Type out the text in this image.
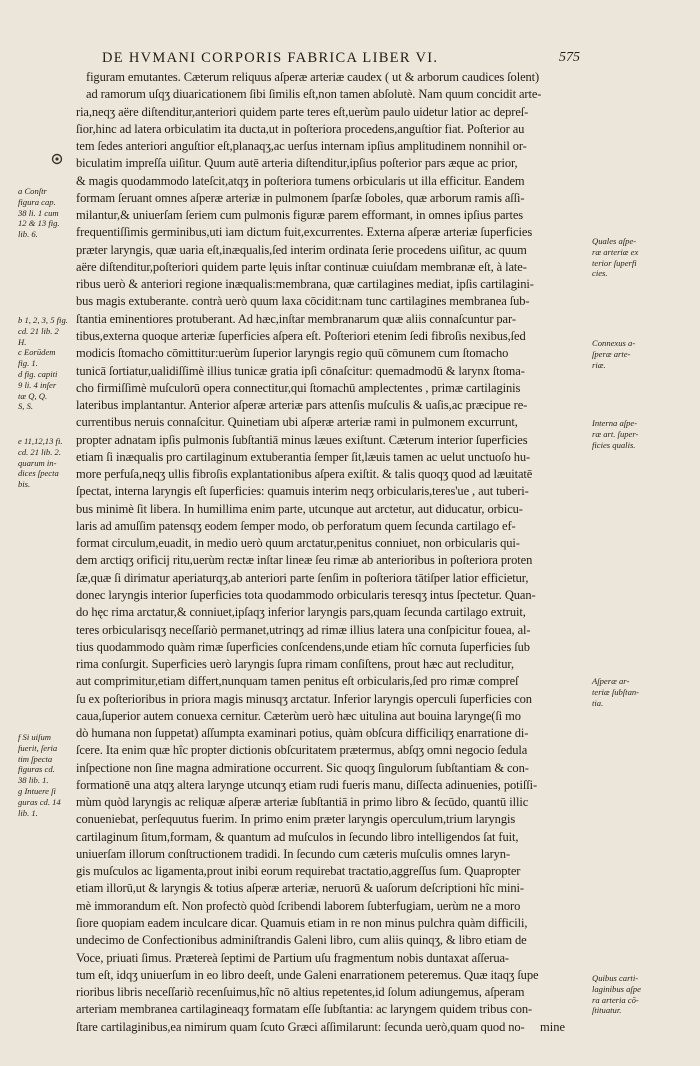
DE HVMANI CORPORIS FABRICA LIBER VI.	575
figuram emutantes. Cæterum reliquus aſperæ arteriæ caudex ( ut & arborum caudices ſolent)
ad ramorum uſqʒ diuaricationem ſibi ſimilis eſt,non tamen abſolutè. Nam quum concidit arte-
ria,neqʒ aëre diſtenditur,anteriori quidem parte teres eſt,uerùm paulo uidetur latior ac depreſ-
ſior,hinc ad latera orbiculatim ita ducta,ut in poſteriora procedens,anguſtior fiat. Poſterior au
tem ſedes anteriori anguſtior eſt,planaqʒ,ac uerſus internam ipſius amplitudinem nonnihil or-
biculatim impreſſa uiſitur. Quum autē arteria diſtenditur,ipſius poſterior pars æque ac prior,
& magis quodammodo lateſcit,atqʒ in poſteriora tumens orbicularis ut illa efficitur. Eandem
formam ſeruant omnes aſperæ arteriæ in pulmonem ſparſæ ſoboles, quæ arborum ramis aſſi-
milantur,& uniuerſam ſeriem cum pulmonis figuræ parem efformant, in omnes ipſius partes
frequentiſſimis germinibus,uti iam dictum fuit,excurrentes. Externa aſperæ arteriæ ſuperficies
præter laryngis, quæ uaria eſt,inæqualis,ſed interim ordinata ſerie procedens uiſitur, ac quum
aëre diſtenditur,poſteriori quidem parte lęuis inſtar continuæ cuiuſdam membranæ eſt, à late-
ribus uerò & anteriori regione inæqualis:membrana, quæ cartilagines mediat, ipſis cartilagini-
bus magis extuberante. contrà uerò quum laxa cōcidit:nam tunc cartilagines membranea ſub-
ſtantia eminentiores protuberant. Ad hæc,inſtar membranarum quæ aliis connaſcuntur par-
tibus,externa quoque arteriæ ſuperficies aſpera eſt. Poſteriori etenim ſedi fibroſis nexibus,ſed
modicis ſtomacho cōmittitur:uerùm ſuperior laryngis regio quū cōmunem cum ſtomacho
tunicā ſortiatur,ualidiſſimè illius tunicæ gratia ipſi cōnaſcitur: quemadmodū & larynx ſtoma-
cho firmiſſimè muſculorū opera connectitur,qui ſtomachū amplectentes , primæ cartilaginis
lateribus implantantur. Anterior aſperæ arteriæ pars attenſis muſculis & uaſis,ac præcipue re-
currentibus neruis connaſcitur. Quinetiam ubi aſperæ arteriæ rami in pulmonem excurrunt,
propter adnatam ipſis pulmonis ſubſtantiā minus læues exiſtunt. Cæterum interior ſuperficies
etiam ſi inæqualis pro cartilaginum extuberantia ſemper ſit,læuis tamen ac uelut unctuoſo hu-
more perfuſa,neqʒ ullis fibroſis explantationibus aſpera exiſtit. & talis quoqʒ quod ad læuitatē
ſpectat, interna laryngis eſt ſuperficies: quamuis interim neqʒ orbicularis,teres'ue , aut tuberi-
bus minimè ſit libera. In humillima enim parte, utcunque aut arctetur, aut diducatur, orbicu-
laris ad amuſſim patensqʒ eodem ſemper modo, ob perforatum quem ſecunda cartilago ef-
format circulum,euadit, in medio uerò quum arctatur,penitus conniuet, non orbicularis qui-
dem arctiqʒ orificij ritu,uerùm rectæ inſtar lineæ ſeu rimæ ab anterioribus in poſteriora proten
ſæ,quæ ſi dirimatur aperiaturqʒ,ab anteriori parte ſenſim in poſteriora tātiſper latior efficietur,
donec laryngis interior ſuperficies tota quodammodo orbicularis teresqʒ intus ſpectetur. Quan-
do hęc rima arctatur,& conniuet,ipſaqʒ inferior laryngis pars,quam ſecunda cartilago extruit,
teres orbicularisqʒ neceſſariò permanet,utrinqʒ ad rimæ illius latera una conſpicitur fouea, al-
tius quodammodo quàm rimæ ſuperficies conſcendens,unde etiam hîc cornuta ſuperficies ſub
rima conſurgit. Superficies uerò laryngis ſupra rimam conſiſtens, prout hæc aut recluditur,
aut comprimitur,etiam differt,nunquam tamen penitus eſt orbicularis,ſed pro rimæ compreſ
ſu ex poſterioribus in priora magis minusqʒ arctatur. Inferior laryngis operculi ſuperficies con
caua,ſuperior autem conuexa cernitur. Cæterùm uerò hæc uitulina aut bouina larynge(ſi mo
dò humana non ſuppetat) aſſumpta examinari potius, quàm obſcura difficiliqʒ enarratione di-
ſcere. Ita enim quæ hîc propter dictionis obſcuritatem prætermus, abſqʒ omni negocio ſedula
inſpectione non ſine magna admiratione occurrent. Sic quoqʒ ſingulorum ſubſtantiam & con-
formationē una atqʒ altera larynge utcunqʒ etiam rudi fueris manu, diſſecta adinuenies, potiſſi-
mùm quòd laryngis ac reliquæ aſperæ arteriæ ſubſtantiā in primo libro & ſecūdo, quantū illic
conueniebat, perſequutus fuerim. In primo enim præter laryngis operculum,trium laryngis
cartilaginum ſitum,formam, & quantum ad muſculos in ſecundo libro intelligendos ſat fuit,
uniuerſam illorum conſtructionem tradidi. In ſecundo cum cæteris muſculis omnes laryn-
gis muſculos ac ligamenta,prout inibi eorum requirebat tractatio,aggreſſus ſum. Quapropter
etiam illorū,ut & laryngis & totius aſperæ arteriæ, neruorū & uaſorum deſcriptioni hîc mini-
mè immorandum eſt. Non profectò quòd ſcribendi laborem ſubterfugiam, uerùm ne a moro
ſiore quopiam eadem inculcare dicar. Quamuis etiam in re non minus pulchra quàm difficili,
undecimo de Confectionibus adminiſtrandis Galeni libro, cum aliis quinqʒ, & libro etiam de
Voce, priuati ſimus. Prætereà ſeptimi de Partium uſu fragmentum nobis duntaxat aſſerua-
tum eſt, idqʒ uniuerſum in eo libro deeſt, unde Galeni enarrationem peteremus. Quæ itaqʒ ſupe
rioribus libris neceſſariò recenſuimus,hîc nō altius repetentes,id ſolum adiungemus, aſperam
arteriam membranea cartilagineaqʒ formatam eſſe ſubſtantia: ac laryngem quidem tribus con-
ſtare cartilaginibus,ea nimirum quam ſcuto Græci aſſimilarunt: ſecunda uerò,quam quod no-	mine
a Conſtr
figura cap.
38 li. 1 cum
12 & 13 fig.
lib. 6.
b 1, 2, 3, 5 fig.
cd. 21 lib. 2
H.
c Eorūdem
fig. 1.
d fig. capiti
9 li. 4 inſer
tæ Q, Q.
S, S.
e 11,12,13 fi.
cd. 21 lib. 2.
quarum in-
dices ſpecta
bis.
f Si uiſum
fuerit, ſeria
tim ſpecta
figuras cd.
38 lib. 1.
g Intuere ſi
guras cd. 14
lib. 1.
Quales aſpe-
ræ arteriæ ex
terior ſuperfi
cies.
Connexus a-
ſperæ arte-
riæ.
Interna aſpe-
ræ art. ſuper-
ficies qualis.
Aſperæ ar-
teriæ ſubſtan-
tia.
Quibus carti-
laginibus aſpe
ra arteria cō-
ſtituatur.
